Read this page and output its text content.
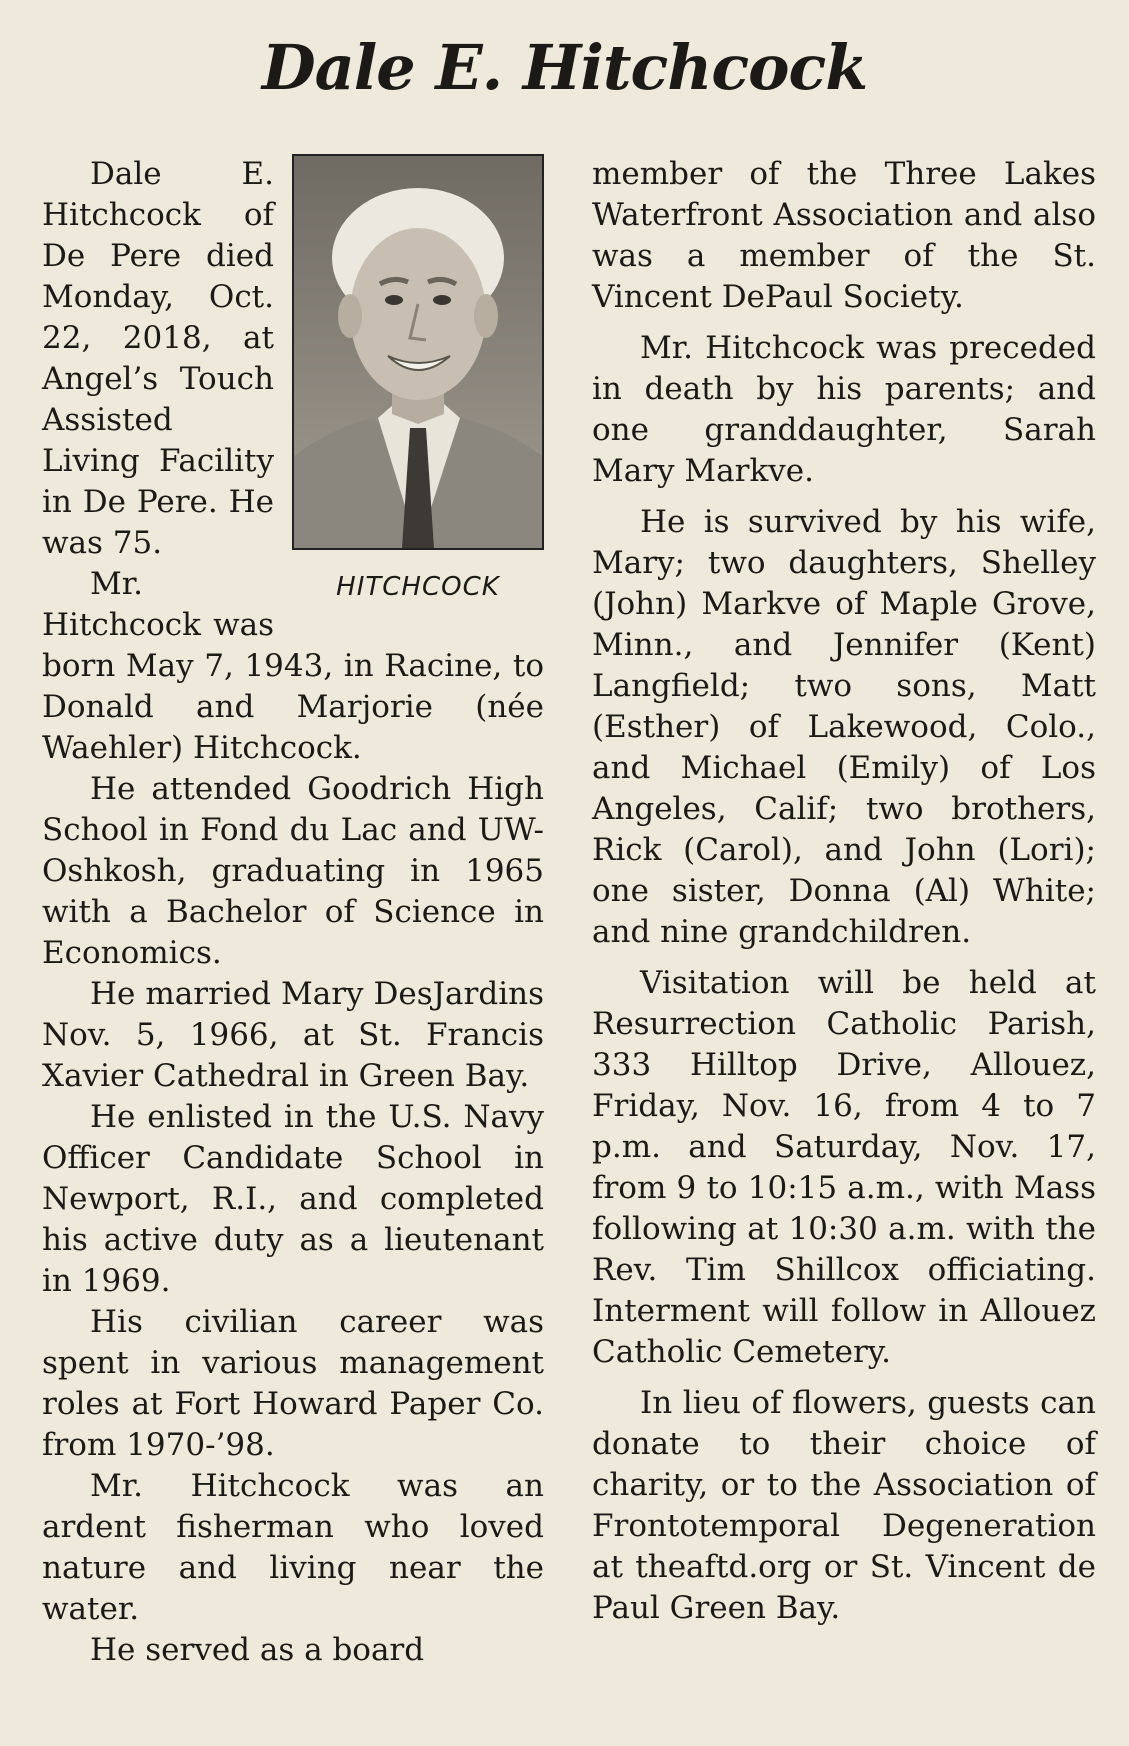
Dale E. Hitchcock
HITCHCOCK

Dale E. Hitchcock of De Pere died Monday, Oct. 22, 2018, at Angel’s Touch Assisted Living Facility in De Pere. He was 75.

Mr. Hitchcock was born May 7, 1943, in Racine, to Donald and Marjorie (née Waehler) Hitchcock.

He attended Goodrich High School in Fond du Lac and UW-Oshkosh, graduating in 1965 with a Bachelor of Science in Economics.

He married Mary DesJardins Nov. 5, 1966, at St. Francis Xavier Cathedral in Green Bay.

He enlisted in the U.S. Navy Officer Candidate School in Newport, R.I., and completed his active duty as a lieutenant in 1969.

His civilian career was spent in various management roles at Fort Howard Paper Co. from 1970-’98.

Mr. Hitchcock was an ardent fisherman who loved nature and living near the water.

He served as a board

member of the Three Lakes Waterfront Association and also was a member of the St. Vincent DePaul Society.

Mr. Hitchcock was preceded in death by his parents; and one granddaughter, Sarah Mary Markve.

He is survived by his wife, Mary; two daughters, Shelley (John) Markve of Maple Grove, Minn., and Jennifer (Kent) Langfield; two sons, Matt (Esther) of Lakewood, Colo., and Michael (Emily) of Los Angeles, Calif; two brothers, Rick (Carol), and John (Lori); one sister, Donna (Al) White; and nine grandchildren.

Visitation will be held at Resurrection Catholic Parish, 333 Hilltop Drive, Allouez, Friday, Nov. 16, from 4 to 7 p.m. and Saturday, Nov. 17, from 9 to 10:15 a.m., with Mass following at 10:30 a.m. with the Rev. Tim Shillcox officiating. Interment will follow in Allouez Catholic Cemetery.

In lieu of flowers, guests can donate to their choice of charity, or to the Association of Frontotemporal Degeneration at theaftd.org or St. Vincent de Paul Green Bay.
